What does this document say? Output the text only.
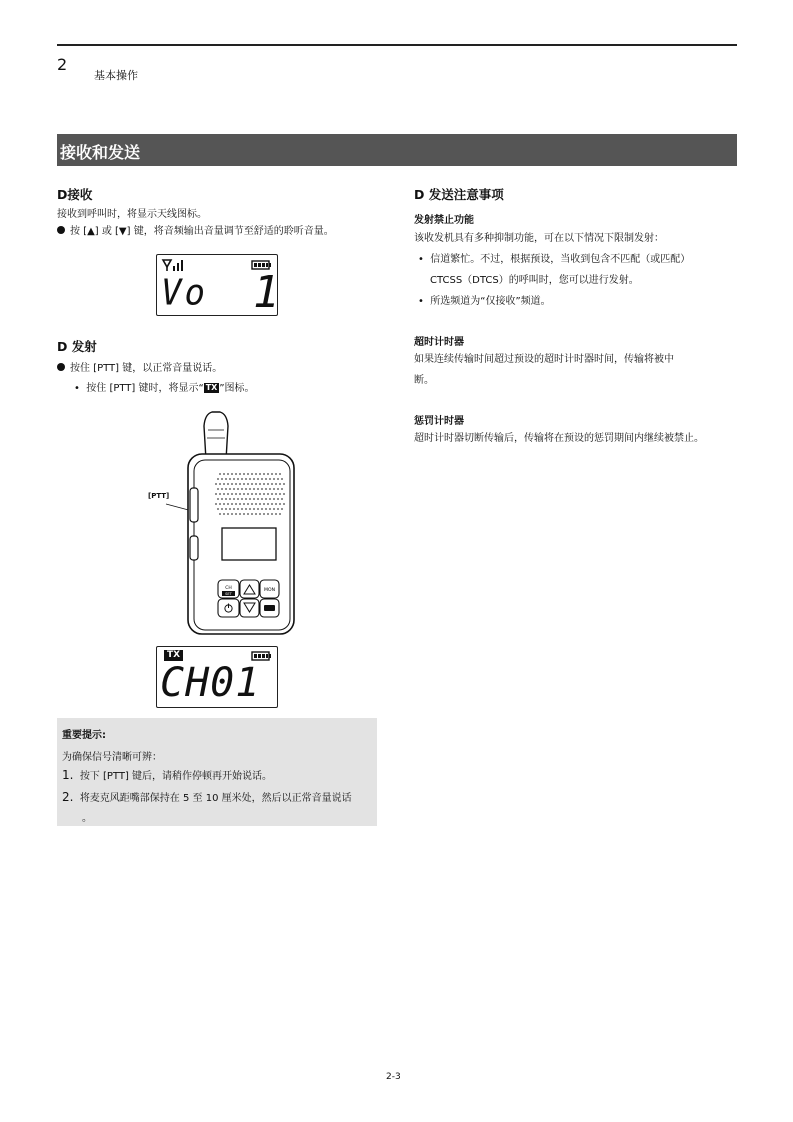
2
基本操作
接收和发送
D接收
接收到呼叫时，将显示天线图标。
按 [▲] 或 [▼] 键，将音频输出音量调节至舒适的聆听音量。
Vo 1
D 发射
按住 [PTT] 键，以正常音量说话。
•  按住 [PTT] 键时，将显示“ TX ”图标。
[PTT]
CH
SET
MON
TX
CH01
重要提示:
为确保信号清晰可辨：
1. 按下 [PTT] 键后，请稍作停顿再开始说话。
2. 将麦克风距嘴部保持在 5 至 10 厘米处，然后以正常音量说话
。
D 发送注意事项
发射禁止功能
该收发机具有多种抑制功能，可在以下情况下限制发射：
•  信道繁忙。不过，根据预设，当收到包含不匹配（或匹配）
CTCSS（DTCS）的呼叫时，您可以进行发射。
•  所选频道为“仅接收”频道。
超时计时器
如果连续传输时间超过预设的超时计时器时间，传输将被中
断。
惩罚计时器
超时计时器切断传输后，传输将在预设的惩罚期间内继续被禁止。
2-3
